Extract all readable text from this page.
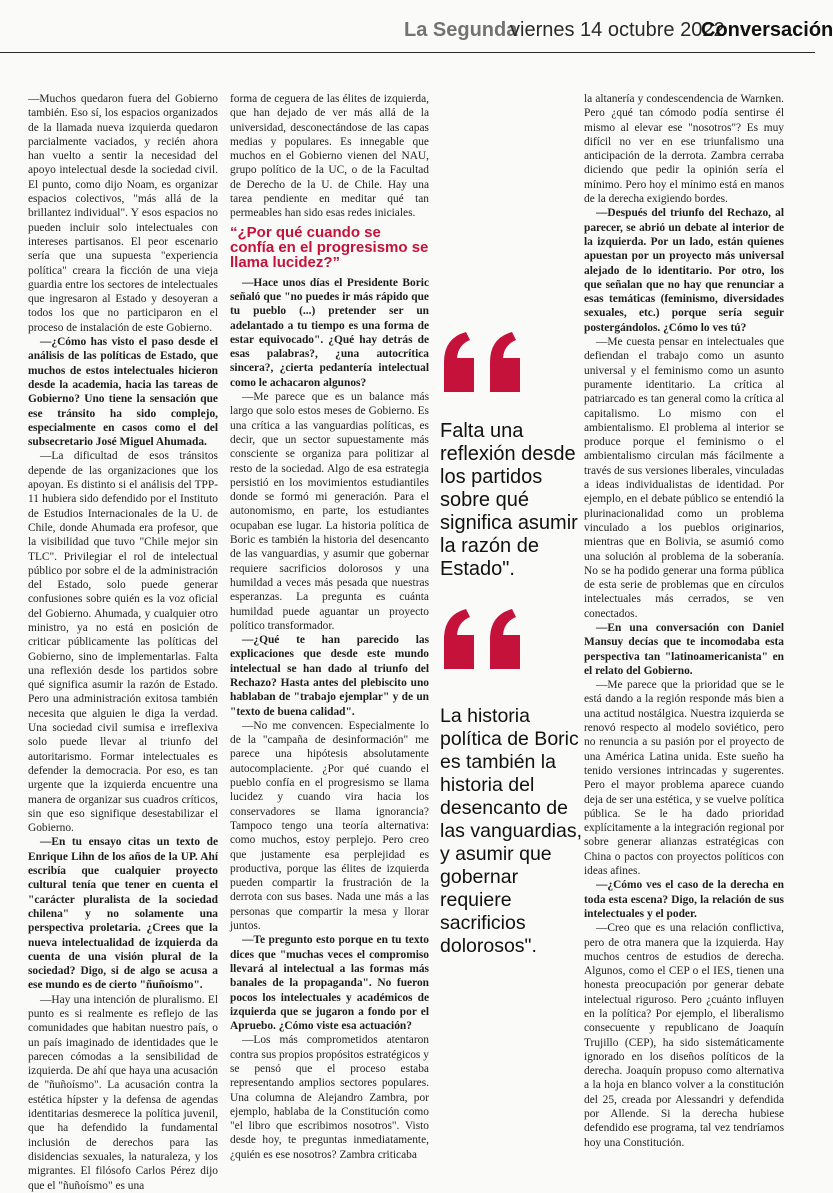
La Segunda
viernes 14 octubre 2022
Conversación

—Muchos quedaron fuera del Gobierno también. Eso sí, los espacios organizados de la llamada nueva izquierda quedaron parcialmente vaciados, y recién ahora han vuelto a sentir la necesidad del apoyo intelectual desde la sociedad civil. El punto, como dijo Noam, es organizar espacios colectivos, "más allá de la brillantez individual". Y esos espacios no pueden incluir solo intelectuales con intereses partisanos. El peor escenario sería que una supuesta "experiencia política" creara la ficción de una vieja guardia entre los sectores de intelectuales que ingresaron al Estado y desoyeran a todos los que no participaron en el proceso de instalación de este Gobierno.

—¿Cómo has visto el paso desde el análisis de las políticas de Estado, que muchos de estos intelectuales hicieron desde la academia, hacia las tareas de Gobierno? Uno tiene la sensación que ese tránsito ha sido complejo, especialmente en casos como el del subsecretario José Miguel Ahumada.

—La dificultad de esos tránsitos depende de las organizaciones que los apoyan. Es distinto si el análisis del TPP-11 hubiera sido defendido por el Instituto de Estudios Internacionales de la U. de Chile, donde Ahumada era profesor, que la visibilidad que tuvo "Chile mejor sin TLC". Privilegiar el rol de intelectual público por sobre el de la administración del Estado, solo puede generar confusiones sobre quién es la voz oficial del Gobierno. Ahumada, y cualquier otro ministro, ya no está en posición de criticar públicamente las políticas del Gobierno, sino de implementarlas. Falta una reflexión desde los partidos sobre qué significa asumir la razón de Estado. Pero una administración exitosa también necesita que alguien le diga la verdad. Una sociedad civil sumisa e irreflexiva solo puede llevar al triunfo del autoritarismo. Formar intelectuales es defender la democracia. Por eso, es tan urgente que la izquierda encuentre una manera de organizar sus cuadros críticos, sin que eso signifique desestabilizar el Gobierno.

—En tu ensayo citas un texto de Enrique Lihn de los años de la UP. Ahí escribía que cualquier proyecto cultural tenía que tener en cuenta el "carácter pluralista de la sociedad chilena" y no solamente una perspectiva proletaria. ¿Crees que la nueva intelectualidad de izquierda da cuenta de una visión plural de la sociedad? Digo, si de algo se acusa a ese mundo es de cierto "ñuñoísmo".

—Hay una intención de pluralismo. El punto es si realmente es reflejo de las comunidades que habitan nuestro país, o un país imaginado de identidades que le parecen cómodas a la sensibilidad de izquierda. De ahí que haya una acusación de "ñuñoísmo". La acusación contra la estética hípster y la defensa de agendas identitarias desmerece la política juvenil, que ha defendido la fundamental inclusión de derechos para las disidencias sexuales, la naturaleza, y los migrantes. El filósofo Carlos Pérez dijo que el "ñuñoísmo" es una

forma de ceguera de las élites de izquierda, que han dejado de ver más allá de la universidad, desconectándose de las capas medias y populares. Es innegable que muchos en el Gobierno vienen del NAU, grupo político de la UC, o de la Facultad de Derecho de la U. de Chile. Hay una tarea pendiente en meditar qué tan permeables han sido esas redes iniciales.

“¿Por qué cuando se confía en el progresismo se llama lucidez?”

—Hace unos días el Presidente Boric señaló que "no puedes ir más rápido que tu pueblo (...) pretender ser un adelantado a tu tiempo es una forma de estar equivocado". ¿Qué hay detrás de esas palabras?, ¿una autocrítica sincera?, ¿cierta pedantería intelectual como le achacaron algunos?

—Me parece que es un balance más largo que solo estos meses de Gobierno. Es una crítica a las vanguardias políticas, es decir, que un sector supuestamente más consciente se organiza para politizar al resto de la sociedad. Algo de esa estrategia persistió en los movimientos estudiantiles donde se formó mi generación. Para el autonomismo, en parte, los estudiantes ocupaban ese lugar. La historia política de Boric es también la historia del desencanto de las vanguardias, y asumir que gobernar requiere sacrificios dolorosos y una humildad a veces más pesada que nuestras esperanzas. La pregunta es cuánta humildad puede aguantar un proyecto político transformador.

—¿Qué te han parecido las explicaciones que desde este mundo intelectual se han dado al triunfo del Rechazo? Hasta antes del plebiscito uno hablaban de "trabajo ejemplar" y de un "texto de buena calidad".

—No me convencen. Especialmente lo de la "campaña de desinformación" me parece una hipótesis absolutamente autocomplaciente. ¿Por qué cuando el pueblo confía en el progresismo se llama lucidez y cuando vira hacia los conservadores se llama ignorancia? Tampoco tengo una teoría alternativa: como muchos, estoy perplejo. Pero creo que justamente esa perplejidad es productiva, porque las élites de izquierda pueden compartir la frustración de la derrota con sus bases. Nada une más a las personas que compartir la mesa y llorar juntos.

—Te pregunto esto porque en tu texto dices que "muchas veces el compromiso llevará al intelectual a las formas más banales de la propaganda". No fueron pocos los intelectuales y académicos de izquierda que se jugaron a fondo por el Apruebo. ¿Cómo viste esa actuación?

—Los más comprometidos atentaron contra sus propios propósitos estratégicos y se pensó que el proceso estaba representando amplios sectores populares. Una columna de Alejandro Zambra, por ejemplo, hablaba de la Constitución como "el libro que escribimos nosotros". Visto desde hoy, te preguntas inmediatamente, ¿quién es ese nosotros? Zambra criticaba

Falta una reflexión desde los partidos sobre qué significa asumir la razón de Estado".
La historia política de Boric es también la historia del desencanto de las vanguardias, y asumir que gobernar requiere sacrificios dolorosos".

la altanería y condescendencia de Warnken. Pero ¿qué tan cómodo podía sentirse él mismo al elevar ese "nosotros"? Es muy difícil no ver en ese triunfalismo una anticipación de la derrota. Zambra cerraba diciendo que pedir la opinión sería el mínimo. Pero hoy el mínimo está en manos de la derecha exigiendo bordes.

—Después del triunfo del Rechazo, al parecer, se abrió un debate al interior de la izquierda. Por un lado, están quienes apuestan por un proyecto más universal alejado de lo identitario. Por otro, los que señalan que no hay que renunciar a esas temáticas (feminismo, diversidades sexuales, etc.) porque sería seguir postergándolos. ¿Cómo lo ves tú?

—Me cuesta pensar en intelectuales que defiendan el trabajo como un asunto universal y el feminismo como un asunto puramente identitario. La crítica al patriarcado es tan general como la crítica al capitalismo. Lo mismo con el ambientalismo. El problema al interior se produce porque el feminismo o el ambientalismo circulan más fácilmente a través de sus versiones liberales, vinculadas a ideas individualistas de identidad. Por ejemplo, en el debate público se entendió la plurinacionalidad como un problema vinculado a los pueblos originarios, mientras que en Bolivia, se asumió como una solución al problema de la soberanía. No se ha podido generar una forma pública de esta serie de problemas que en círculos intelectuales más cerrados, se ven conectados.

—En una conversación con Daniel Mansuy decías que te incomodaba esta perspectiva tan "latinoamericanista" en el relato del Gobierno.

—Me parece que la prioridad que se le está dando a la región responde más bien a una actitud nostálgica. Nuestra izquierda se renovó respecto al modelo soviético, pero no renuncia a su pasión por el proyecto de una América Latina unida. Este sueño ha tenido versiones intrincadas y sugerentes. Pero el mayor problema aparece cuando deja de ser una estética, y se vuelve política pública. Se le ha dado prioridad explícitamente a la integración regional por sobre generar alianzas estratégicas con China o pactos con proyectos políticos con ideas afines.

—¿Cómo ves el caso de la derecha en toda esta escena? Digo, la relación de sus intelectuales y el poder.

—Creo que es una relación conflictiva, pero de otra manera que la izquierda. Hay muchos centros de estudios de derecha. Algunos, como el CEP o el IES, tienen una honesta preocupación por generar debate intelectual riguroso. Pero ¿cuánto influyen en la política? Por ejemplo, el liberalismo consecuente y republicano de Joaquín Trujillo (CEP), ha sido sistemáticamente ignorado en los diseños políticos de la derecha. Joaquín propuso como alternativa a la hoja en blanco volver a la constitución del 25, creada por Alessandri y defendida por Allende. Si la derecha hubiese defendido ese programa, tal vez tendríamos hoy una Constitución.
